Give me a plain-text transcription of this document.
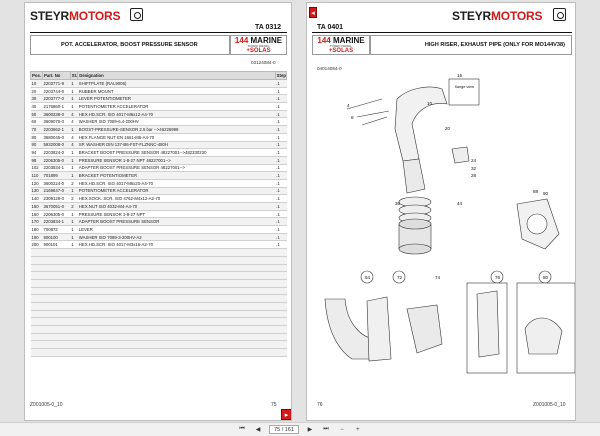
STEYRMOTORS
TA 0312
POT. ACCELERATOR, BOOST PRESSURE SENSOR
144 MARINE
TURBO DIESEL
+SOLAS
03124084-0
Pos.	Part. No	St.	Designation	Step
10	2203771-9	1	SHIFTPLATE (RAL9006)	.1
20	2203744-0	1	RUBBER MOUNT	.1
30	2203777-0	1	LEVER POTENTIOMETER	.1
40	2176860-1	1	POTENTIOMETER ACCELERATOR	.1
50	3600238-0	4	HEX.HD.SCR. ISO 4017-M6x12-A4-70	.1
60	3609070-0	4	WASHER ISO 7089-6.4-200HV	.1
70	2203662-1	1	BOOST-PRESSURE-SENSOR 2.5 bar -->46226999	.1
80	3680045-0	4	HEX.FLANGE NUT EN 1661-M6-A4-70	.1
90	5932008-0	4	SP. WASHER DIN 137-B6-FST-FLZNNC-480H	.1
94	2203824-0	1	BRACKET BOOST PRESSURE SENSOR 48227001-->482330230	.1
98	2206305-0	1	PRESSURE SENSOR 1-8-27 NPT 48227001-->	.1
102	2203834-1	1	ADAPTER BOOST PRESSURE SENSOR 48227001-->	.1
110	701899	1	BRACKET POTENTIOMETER	.1
120	3600224-0	2	HEX.HD.SCR. ISO 4017-M6x20-A4-70	.1
130	2169847-0	1	POTENTIOMETER ACCELERATOR	.1
140	2309129-0	2	HEX.SOCK. SCR. ISO 4762-M4x12-A2-70	.1
150	3670051-0	2	HEX.NUT ISO 4032-M4-A4-70	.1
160	2206305-0	1	PRESSURE SENSOR 1-8-27 NPT	.1
170	2203834-1	1	ADAPTER BOOST PRESSURE SENSOR	.1
180	700872	1	LEVER	.1
190	900100	1	WASHER ISO 7089-3-200HV-A2	.1
200	900101	1	HEX.HD.SCR. ISO 4017-M3x16-A2-70	.1

Z001005-0_10	75
▸
◂
TA 0401
STEYRMOTORS
144 MARINE
TURBO DIESEL
+SOLAS
HIGH RISER, EXHAUST PIPE (ONLY FOR MO144V38)
04014084-0
16
4
8
10
20
32
24
28
36	44
64	72	74	76	80
88 90
flange view
76	Z001005-0_10
⏮	◀	75 / 161	▶	⏭	−	+
